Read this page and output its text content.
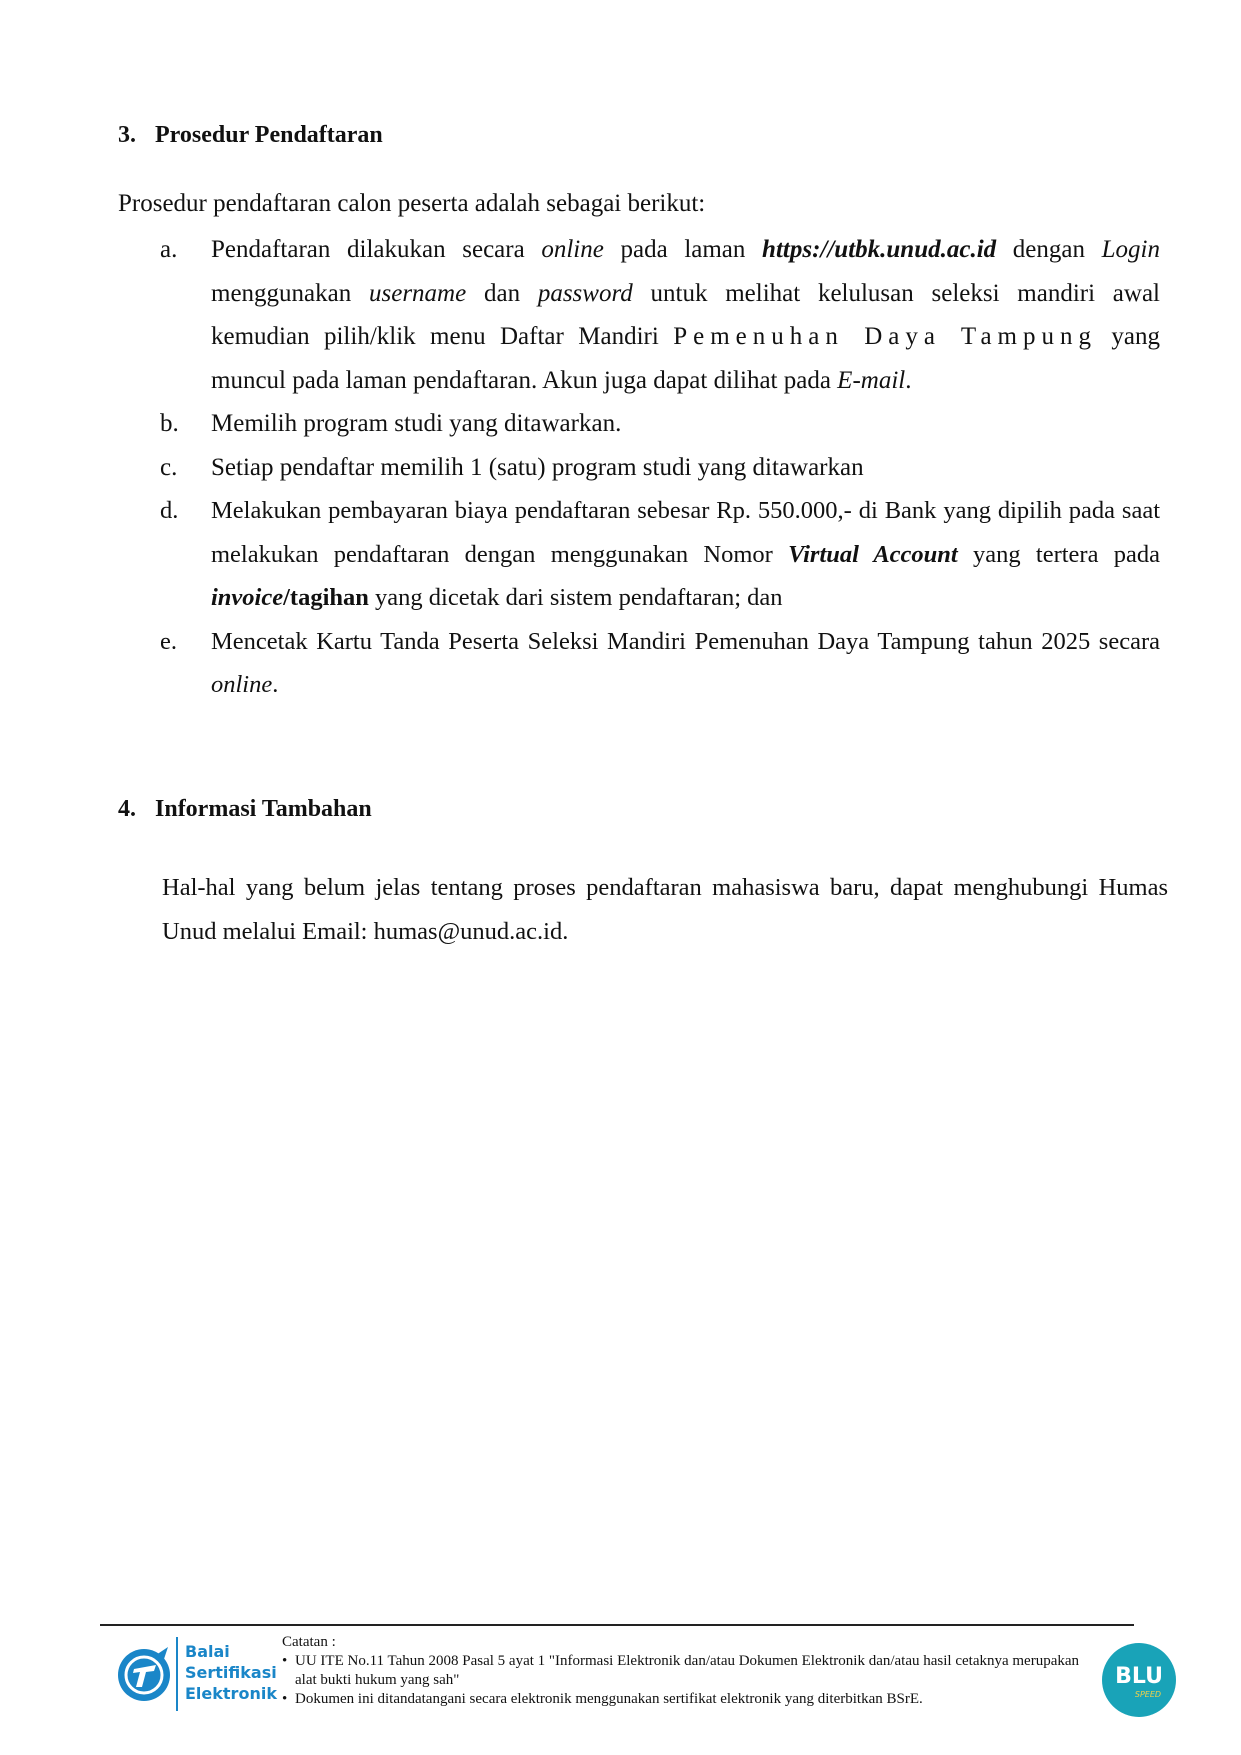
3. Prosedur Pendaftaran
Prosedur pendaftaran calon peserta adalah sebagai berikut:
a. Pendaftaran dilakukan secara online pada laman https://utbk.unud.ac.id dengan Login menggunakan username dan password untuk melihat kelulusan seleksi mandiri awal kemudian pilih/klik menu Daftar Mandiri Pemenuhan Daya Tampung yang muncul pada laman pendaftaran. Akun juga dapat dilihat pada E-mail.
b. Memilih program studi yang ditawarkan.
c. Setiap pendaftar memilih 1 (satu) program studi yang ditawarkan
d. Melakukan pembayaran biaya pendaftaran sebesar Rp. 550.000,- di Bank yang dipilih pada saat melakukan pendaftaran dengan menggunakan Nomor Virtual Account yang tertera pada invoice/tagihan yang dicetak dari sistem pendaftaran; dan
e. Mencetak Kartu Tanda Peserta Seleksi Mandiri Pemenuhan Daya Tampung tahun 2025 secara online.
4. Informasi Tambahan
Hal-hal yang belum jelas tentang proses pendaftaran mahasiswa baru, dapat menghubungi Humas Unud melalui Email: humas@unud.ac.id.
Balai
Sertifikasi
Elektronik
Catatan :
• UU ITE No.11 Tahun 2008 Pasal 5 ayat 1 "Informasi Elektronik dan/atau Dokumen Elektronik dan/atau hasil cetaknya merupakan alat bukti hukum yang sah"
• Dokumen ini ditandatangani secara elektronik menggunakan sertifikat elektronik yang diterbitkan BSrE.
BLU
SPEED
